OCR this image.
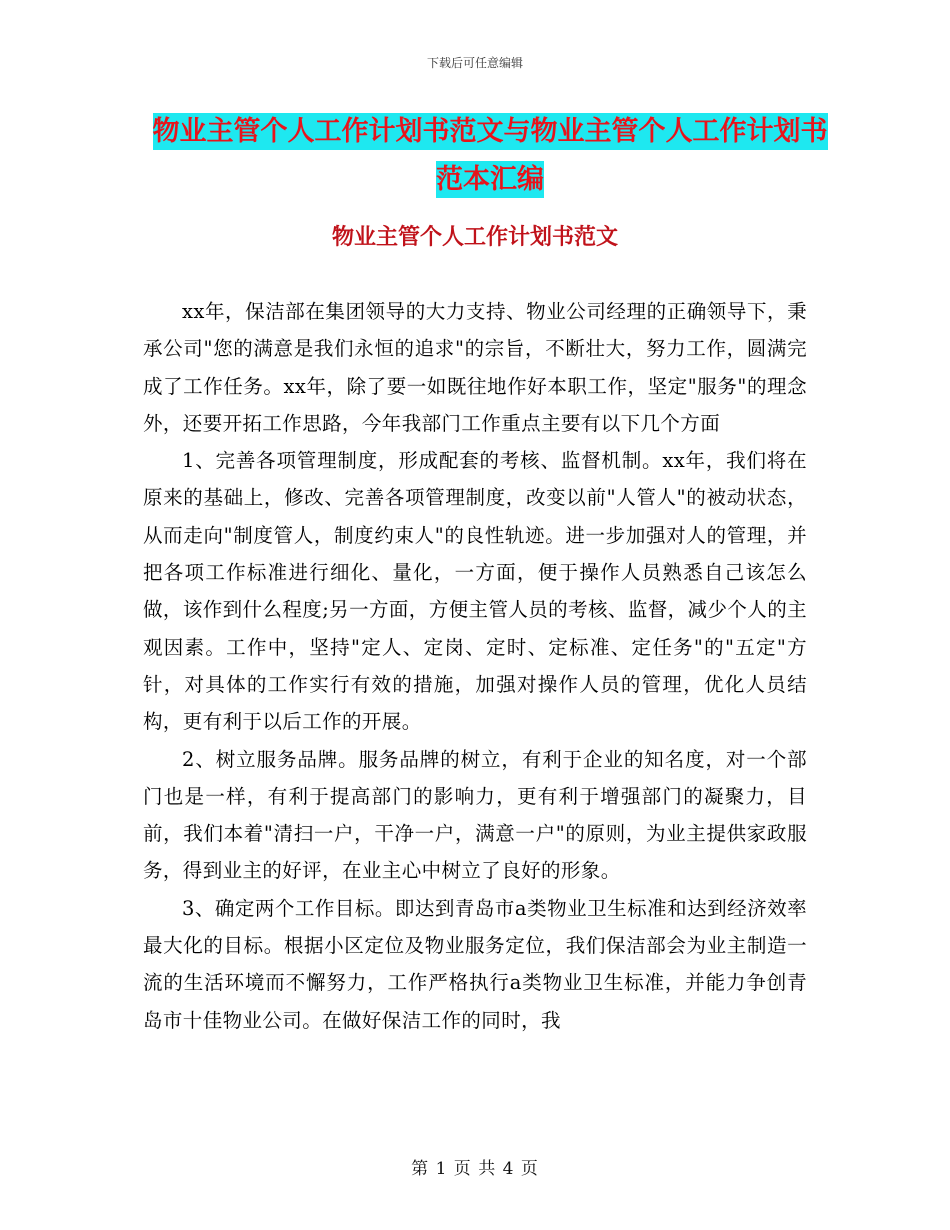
下载后可任意编辑
物业主管个人工作计划书范文与物业主管个人工作计划书范本汇编
物业主管个人工作计划书范文

xx年，保洁部在集团领导的大力支持、物业公司经理的正确领导下，秉承公司"您的满意是我们永恒的追求"的宗旨，不断壮大，努力工作，圆满完成了工作任务。xx年，除了要一如既往地作好本职工作，坚定"服务"的理念外，还要开拓工作思路，今年我部门工作重点主要有以下几个方面

1、完善各项管理制度，形成配套的考核、监督机制。xx年，我们将在原来的基础上，修改、完善各项管理制度，改变以前"人管人"的被动状态，从而走向"制度管人，制度约束人"的良性轨迹。进一步加强对人的管理，并把各项工作标准进行细化、量化，一方面，便于操作人员熟悉自己该怎么做，该作到什么程度;另一方面，方便主管人员的考核、监督，减少个人的主观因素。工作中，坚持"定人、定岗、定时、定标准、定任务"的"五定"方针，对具体的工作实行有效的措施，加强对操作人员的管理，优化人员结构，更有利于以后工作的开展。

2、树立服务品牌。服务品牌的树立，有利于企业的知名度，对一个部门也是一样，有利于提高部门的影响力，更有利于增强部门的凝聚力，目前，我们本着"清扫一户，干净一户，满意一户"的原则，为业主提供家政服务，得到业主的好评，在业主心中树立了良好的形象。

3、确定两个工作目标。即达到青岛市a类物业卫生标准和达到经济效率最大化的目标。根据小区定位及物业服务定位，我们保洁部会为业主制造一流的生活环境而不懈努力，工作严格执行a类物业卫生标准，并能力争创青岛市十佳物业公司。在做好保洁工作的同时，我

第 1 页 共 4 页
